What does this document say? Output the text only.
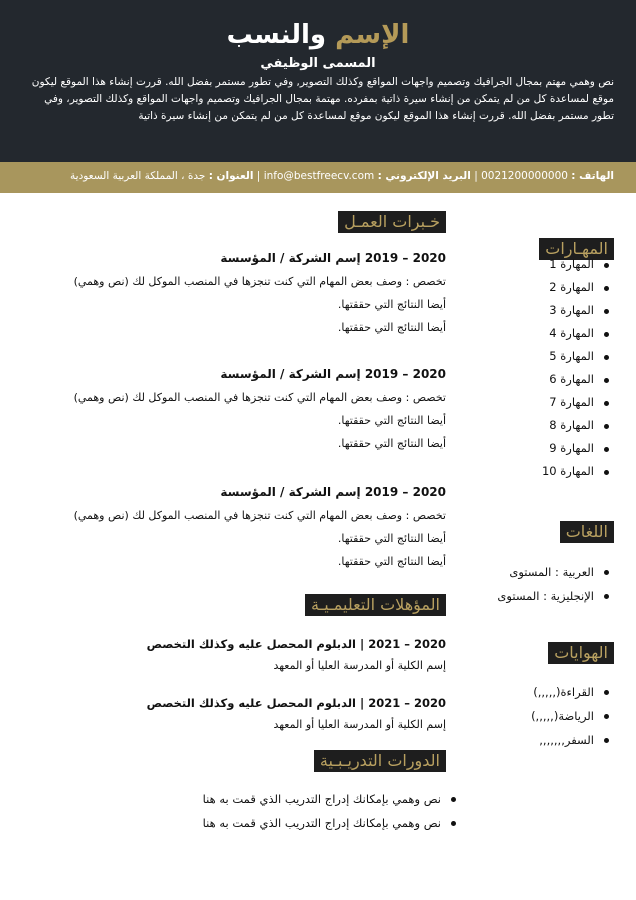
الإسم والنسب
المسمى الوظيفي
نص وهمي مهتم بمجال الجرافيك وتصميم واجهات المواقع وكذلك التصوير, وفي تطور مستمر بفضل الله. قررت إنشاء هذا الموقع ليكون موقع لمساعدة كل من لم يتمكن من إنشاء سيرة ذاتية بمفرده. مهتمة بمجال الجرافيك وتصميم واجهات المواقع وكذلك التصوير، وفي تطور مستمر بفضل الله. قررت إنشاء هذا الموقع ليكون موقع لمساعدة كل من لم يتمكن من إنشاء سيرة ذاتية
الهاتف : 0021200000000 | البريد الإلكتروني : info@bestfreecv.com | العنوان : جدة ، المملكة العربية السعودية
المهـارات
المهارة 1
المهارة 2
المهارة 3
المهارة 4
المهارة 5
المهارة 6
المهارة 7
المهارة 8
المهارة 9
المهارة 10
اللغات
العربية : المستوى
الإنجليزية : المستوى
الهوايات
القراءة(,,,,,)
الرياضة(,,,,,)
السفر,,,,,,,
خـبرات العمـل
2020 – 2019 إسم الشركة / المؤسسة
تخصص : وصف بعض المهام التي كنت تنجزها في المنصب الموكل لك (نص وهمي)
أيضا النتائج التي حققتها.
أيضا النتائج التي حققتها.
2020 – 2019 إسم الشركة / المؤسسة
تخصص : وصف بعض المهام التي كنت تنجزها في المنصب الموكل لك (نص وهمي)
أيضا النتائج التي حققتها.
أيضا النتائج التي حققتها.
2020 – 2019 إسم الشركة / المؤسسة
تخصص : وصف بعض المهام التي كنت تنجزها في المنصب الموكل لك (نص وهمي)
أيضا النتائج التي حققتها.
أيضا النتائج التي حققتها.
المؤهلات التعليمـيـة
2020 – 2021 | الدبلوم المحصل عليه وكذلك التخصص
إسم الكلية أو المدرسة العليا أو المعهد
2020 – 2021 | الدبلوم المحصل عليه وكذلك التخصص
إسم الكلية أو المدرسة العليا أو المعهد
الدورات التدريـبـية
نص وهمي بإمكانك إدراج التدريب الذي قمت به هنا
نص وهمي بإمكانك إدراج التدريب الذي قمت به هنا
